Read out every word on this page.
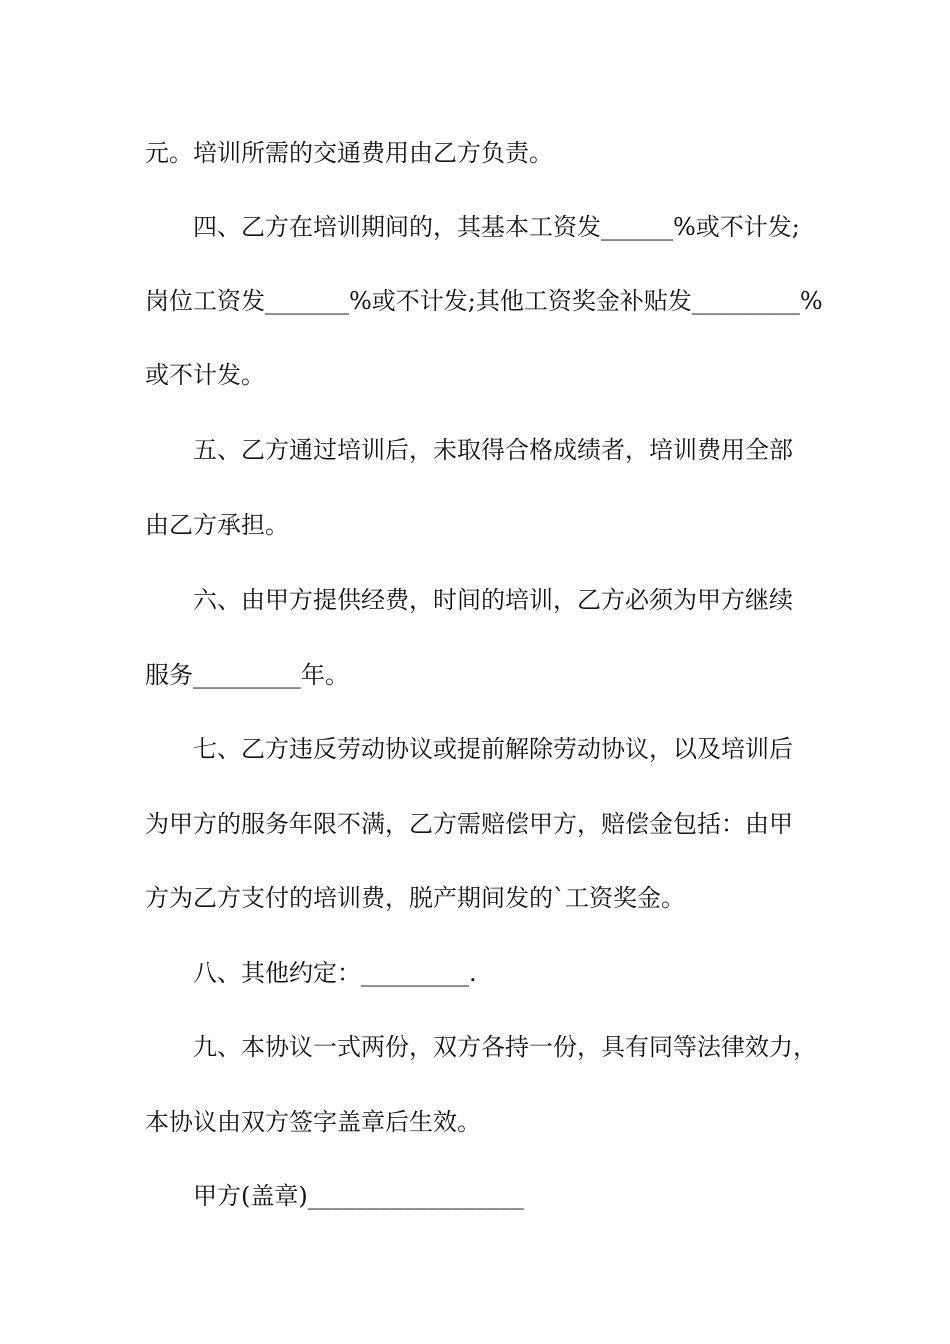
元。培训所需的交通费用由乙方负责。
四、乙方在培训期间的，其基本工资发______%或不计发;
岗位工资发_______%或不计发;其他工资奖金补贴发_________%
或不计发。
五、乙方通过培训后，未取得合格成绩者，培训费用全部
由乙方承担。
六、由甲方提供经费，时间的培训，乙方必须为甲方继续
服务_________年。
七、乙方违反劳动协议或提前解除劳动协议，以及培训后
为甲方的服务年限不满，乙方需赔偿甲方，赔偿金包括：由甲
方为乙方支付的培训费，脱产期间发的`工资奖金。
八、其他约定：_________.
九、本协议一式两份，双方各持一份，具有同等法律效力，
本协议由双方签字盖章后生效。
甲方(盖章)__________________
